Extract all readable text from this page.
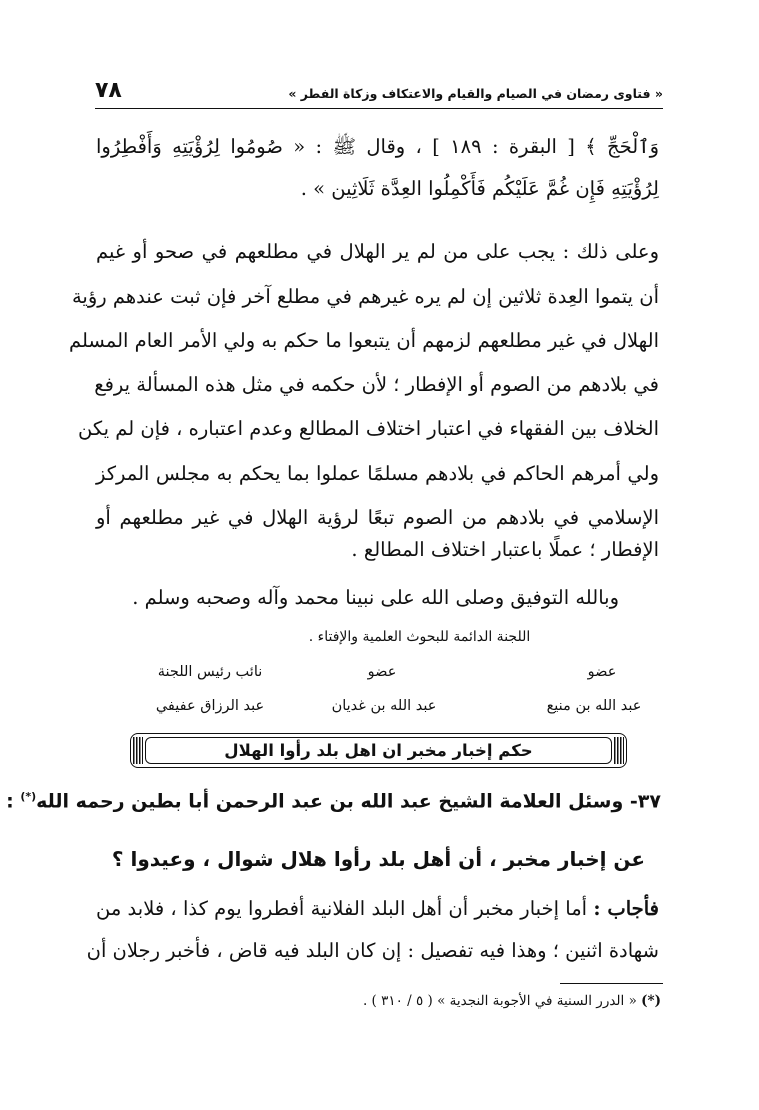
٧٨	« فتاوى رمضان في الصيام والقيام والاعتكاف وزكاة الفطر »
وَٱلْحَجِّ ﴾ [ البقرة : ١٨٩ ] ، وقال ﷺ : « صُومُوا لِرُؤْيَتِهِ وَأَفْطِرُوا
لِرُؤْيَتِهِ فَإِن غُمَّ عَلَيْكُم فَأَكْمِلُوا العِدَّة ثَلَاثِين » .
وعلى ذلك : يجب على من لم ير الهلال في مطلعهم في صحو أو غيم
أن يتموا العِدة ثلاثين إن لم يره غيرهم في مطلع آخر فإن ثبت عندهم رؤية
الهلال في غير مطلعهم لزمهم أن يتبعوا ما حكم به ولي الأمر العام المسلم
في بلادهم من الصوم أو الإفطار ؛ لأن حكمه في مثل هذه المسألة يرفع
الخلاف بين الفقهاء في اعتبار اختلاف المطالع وعدم اعتباره ، فإن لم يكن
ولي أمرهم الحاكم في بلادهم مسلمًا عملوا بما يحكم به مجلس المركز
الإسلامي في بلادهم من الصوم تبعًا لرؤية الهلال في غير مطلعهم أو
الإفطار ؛ عملًا باعتبار اختلاف المطالع .
وبالله التوفيق وصلى الله على نبينا محمد وآله وصحبه وسلم .
اللجنة الدائمة للبحوث العلمية والإفتاء .
عضو
عضو
نائب رئيس اللجنة
عبد الله بن منيع
عبد الله بن غديان
عبد الرزاق عفيفي
حكم إخبار مخبر ان اهل بلد رأوا الهلال
٣٧- وسئل العلامة الشيخ عبد الله بن عبد الرحمن أبا بطين رحمه الله(*) :
عن إخبار مخبر ، أن أهل بلد رأوا هلال شوال ، وعيدوا ؟
فأجاب : أما إخبار مخبر أن أهل البلد الفلانية أفطروا يوم كذا ، فلابد من
شهادة اثنين ؛ وهذا فيه تفصيل : إن كان البلد فيه قاض ، فأخبر رجلان أن
(*) « الدرر السنية في الأجوبة النجدية » ( ٥ / ٣١٠ ) .
